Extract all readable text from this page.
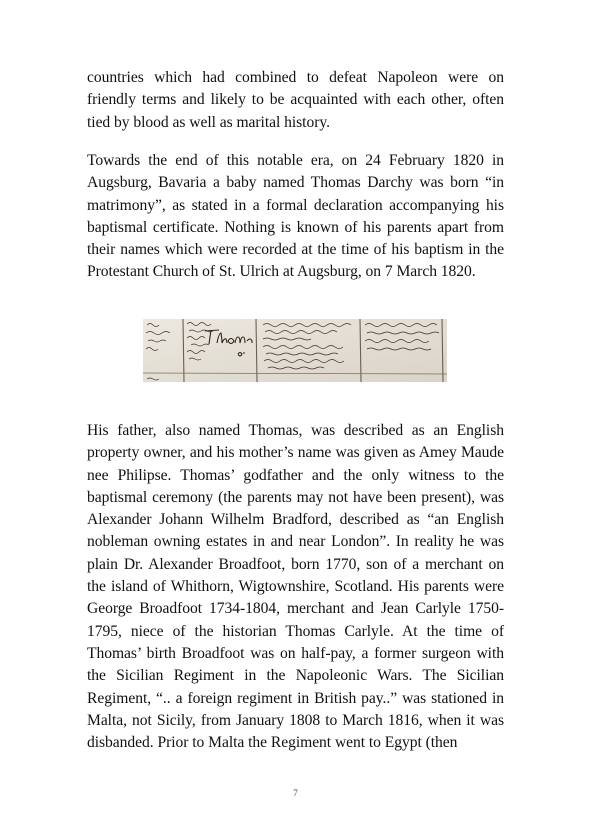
countries which had combined to defeat Napoleon were on friendly terms and likely to be acquainted with each other, often tied by blood as well as marital history.

Towards the end of this notable era, on 24 February 1820 in Augsburg, Bavaria a baby named Thomas Darchy was born “in matrimony”, as stated in a formal declaration accompanying his baptismal certificate. Nothing is known of his parents apart from their names which were recorded at the time of his baptism in the Protestant Church of St. Ulrich at Augsburg, on 7 March 1820.

His father, also named Thomas, was described as an English property owner, and his mother’s name was given as Amey Maude nee Philipse. Thomas’ godfather and the only witness to the baptismal ceremony (the parents may not have been present), was Alexander Johann Wilhelm Bradford, described as “an English nobleman owning estates in and near London”. In reality he was plain Dr. Alexander Broadfoot, born 1770, son of a merchant on the island of Whithorn, Wigtownshire, Scotland. His parents were George Broadfoot 1734-1804, merchant and Jean Carlyle 1750-1795, niece of the historian Thomas Carlyle. At the time of Thomas’ birth Broadfoot was on half-pay, a former surgeon with the Sicilian Regiment in the Napoleonic Wars. The Sicilian Regiment, “.. a foreign regiment in British pay..” was stationed in Malta, not Sicily, from January 1808 to March 1816, when it was disbanded. Prior to Malta the Regiment went to Egypt (then

7
